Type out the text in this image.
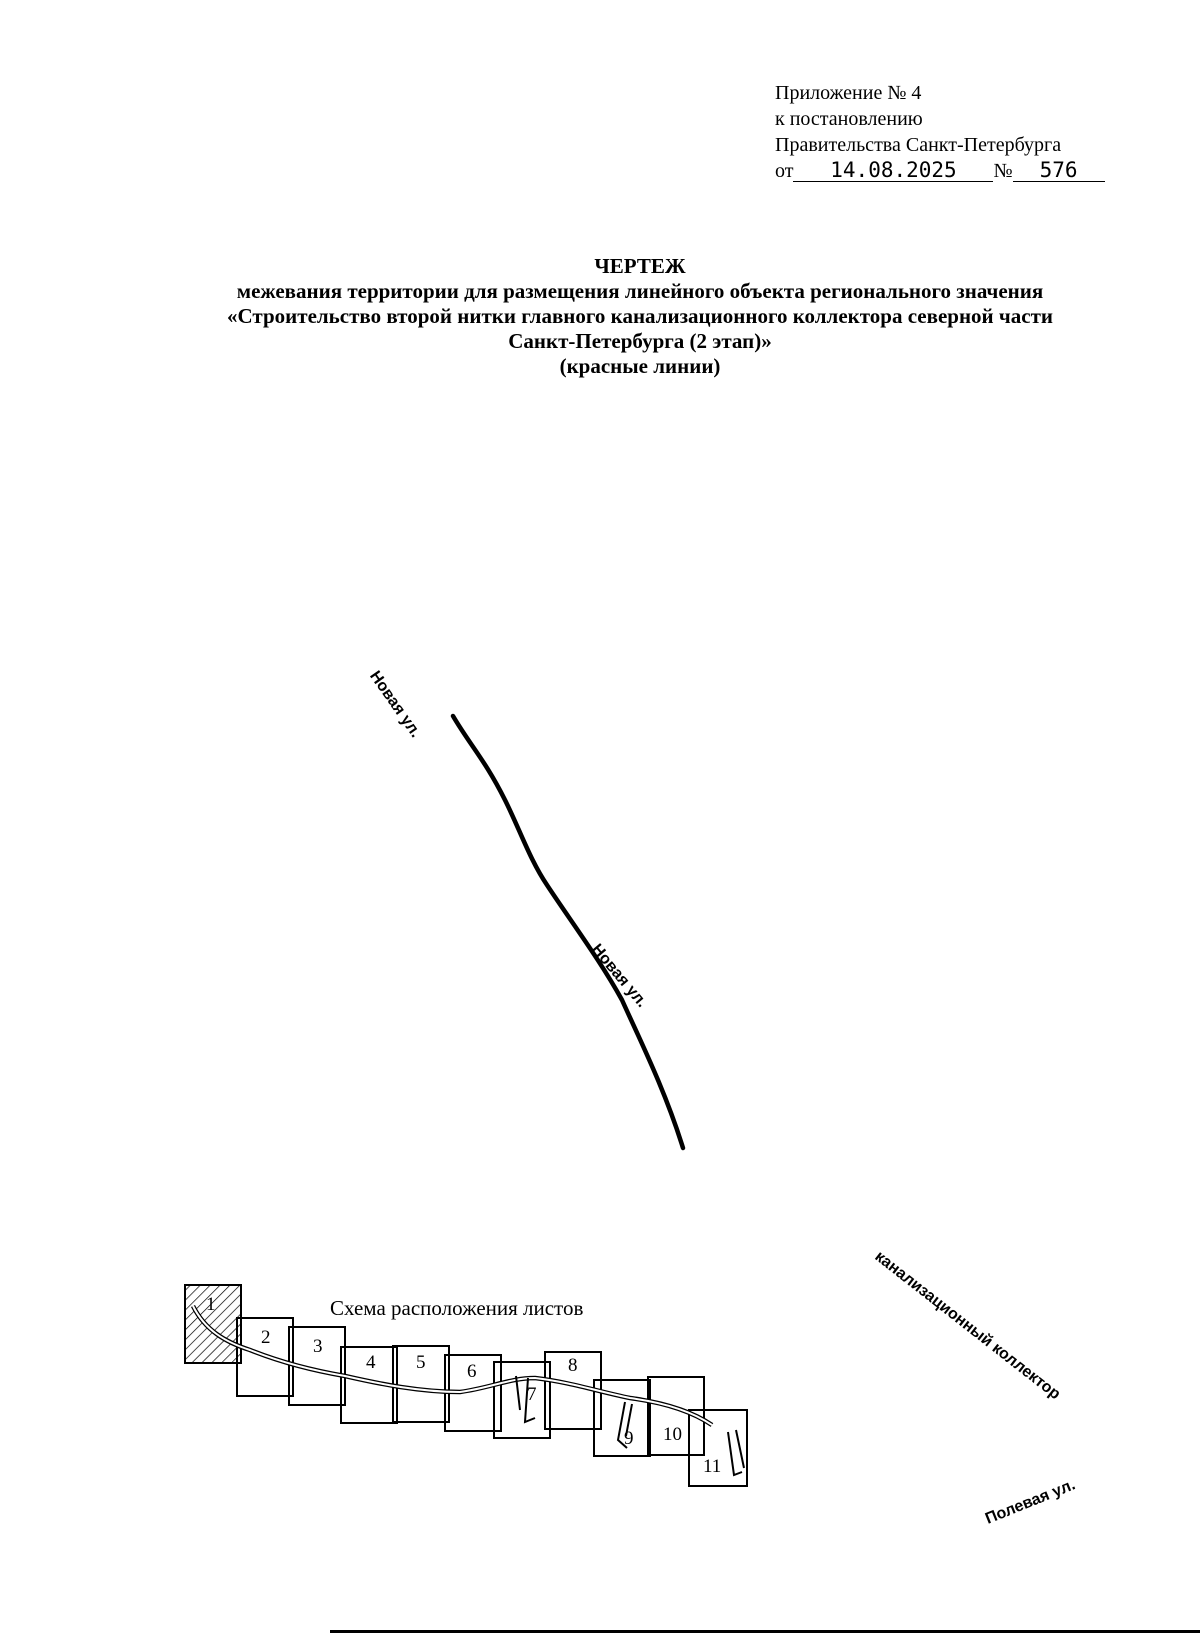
Приложение № 4
к постановлению
Правительства Санкт-Петербурга
от 14.08.2025 № 576
ЧЕРТЕЖ
межевания территории для размещения линейного объекта регионального значения
«Строительство второй нитки главного канализационного коллектора северной части
Санкт-Петербурга (2 этап)»
(красные линии)
1
2 3
4 5 6
7
8
9 10
11
Новая ул.
Новая ул.
канализационный коллектор
Полевая ул.
Схема расположения листов
